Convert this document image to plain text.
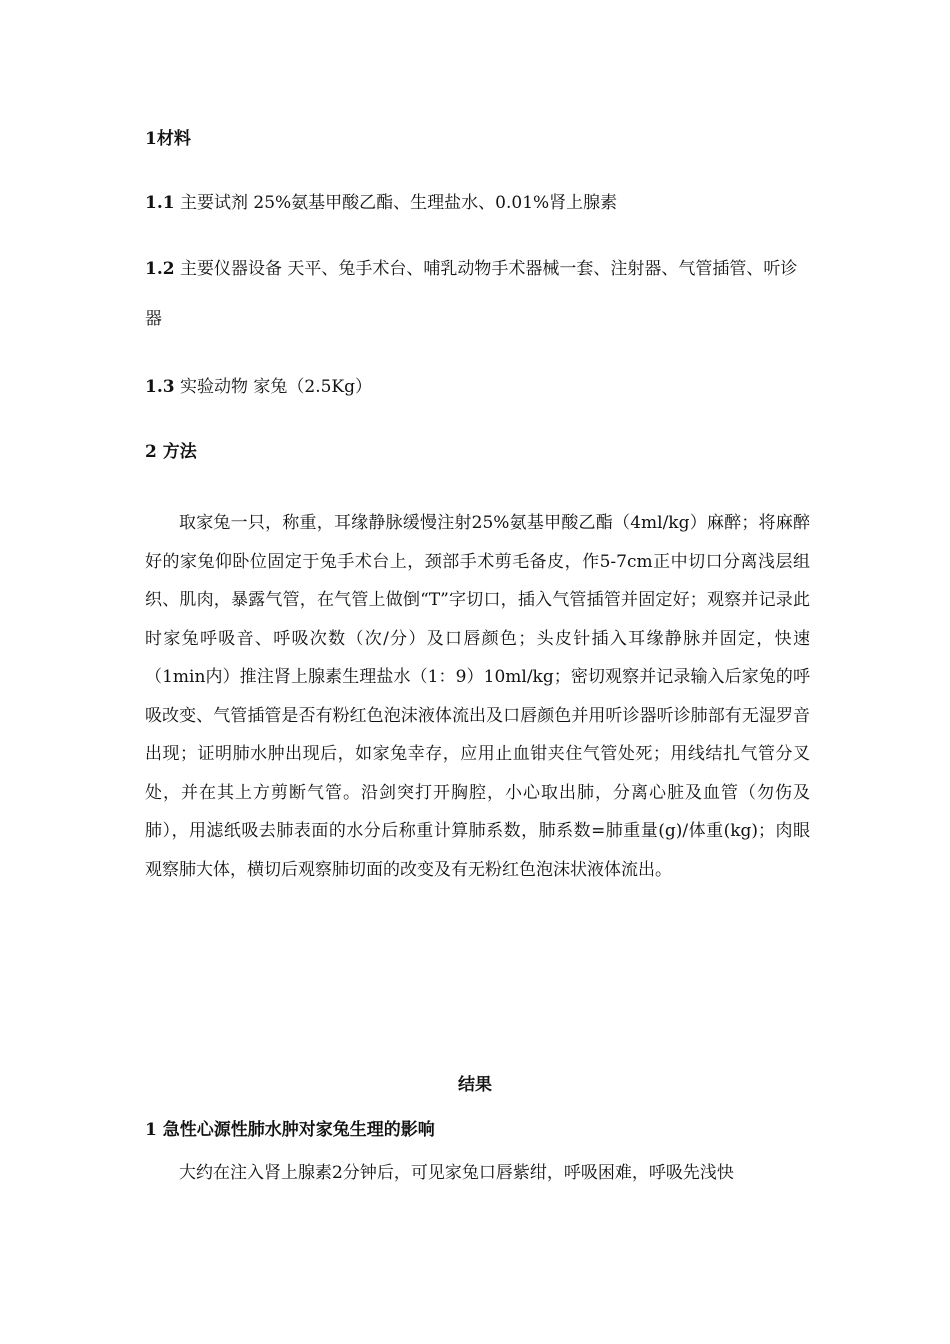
1材料
1.1 主要试剂 25%氨基甲酸乙酯、生理盐水、0.01%肾上腺素
1.2 主要仪器设备 天平、兔手术台、哺乳动物手术器械一套、注射器、气管插管、听诊器
1.3 实验动物 家兔（2.5Kg）
2 方法
取家兔一只，称重，耳缘静脉缓慢注射25%氨基甲酸乙酯（4ml/kg）麻醉；将麻醉好的家兔仰卧位固定于兔手术台上，颈部手术剪毛备皮，作5-7cm正中切口分离浅层组织、肌肉，暴露气管，在气管上做倒“T”字切口，插入气管插管并固定好；观察并记录此时家兔呼吸音、呼吸次数（次/分）及口唇颜色；头皮针插入耳缘静脉并固定，快速（1min内）推注肾上腺素生理盐水（1：9）10ml/kg；密切观察并记录输入后家兔的呼吸改变、气管插管是否有粉红色泡沫液体流出及口唇颜色并用听诊器听诊肺部有无湿罗音出现；证明肺水肿出现后，如家兔幸存，应用止血钳夹住气管处死；用线结扎气管分叉处，并在其上方剪断气管。沿剑突打开胸腔，小心取出肺，分离心脏及血管（勿伤及肺），用滤纸吸去肺表面的水分后称重计算肺系数，肺系数=肺重量(g)/体重(kg)；肉眼观察肺大体，横切后观察肺切面的改变及有无粉红色泡沫状液体流出。
结果
1 急性心源性肺水肿对家兔生理的影响
大约在注入肾上腺素2分钟后，可见家兔口唇紫绀，呼吸困难，呼吸先浅快
